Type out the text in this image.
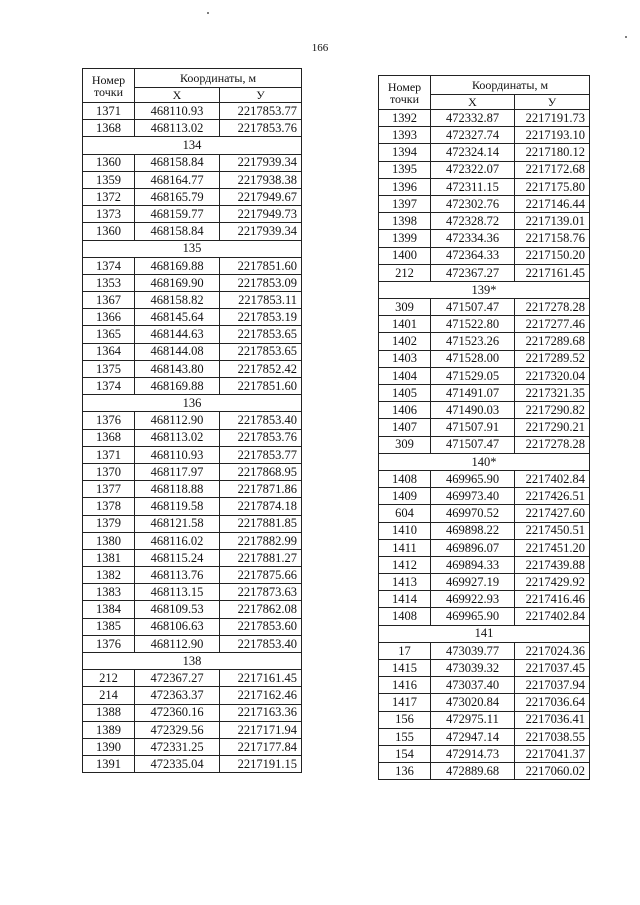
166
Номер
точки	Координаты, м	
	Х	У
1371	468110.93	2217853.77
1368	468113.02	2217853.76
134		
1360	468158.84	2217939.34
1359	468164.77	2217938.38
1372	468165.79	2217949.67
1373	468159.77	2217949.73
1360	468158.84	2217939.34
135		
1374	468169.88	2217851.60
1353	468169.90	2217853.09
1367	468158.82	2217853.11
1366	468145.64	2217853.19
1365	468144.63	2217853.65
1364	468144.08	2217853.65
1375	468143.80	2217852.42
1374	468169.88	2217851.60
136		
1376	468112.90	2217853.40
1368	468113.02	2217853.76
1371	468110.93	2217853.77
1370	468117.97	2217868.95
1377	468118.88	2217871.86
1378	468119.58	2217874.18
1379	468121.58	2217881.85
1380	468116.02	2217882.99
1381	468115.24	2217881.27
1382	468113.76	2217875.66
1383	468113.15	2217873.63
1384	468109.53	2217862.08
1385	468106.63	2217853.60
1376	468112.90	2217853.40
138		
212	472367.27	2217161.45
214	472363.37	2217162.46
1388	472360.16	2217163.36
1389	472329.56	2217171.94
1390	472331.25	2217177.84
1391	472335.04	2217191.15
Номер
точки	Координаты, м	
	Х	У
1392	472332.87	2217191.73
1393	472327.74	2217193.10
1394	472324.14	2217180.12
1395	472322.07	2217172.68
1396	472311.15	2217175.80
1397	472302.76	2217146.44
1398	472328.72	2217139.01
1399	472334.36	2217158.76
1400	472364.33	2217150.20
212	472367.27	2217161.45
139*		
309	471507.47	2217278.28
1401	471522.80	2217277.46
1402	471523.26	2217289.68
1403	471528.00	2217289.52
1404	471529.05	2217320.04
1405	471491.07	2217321.35
1406	471490.03	2217290.82
1407	471507.91	2217290.21
309	471507.47	2217278.28
140*		
1408	469965.90	2217402.84
1409	469973.40	2217426.51
604	469970.52	2217427.60
1410	469898.22	2217450.51
1411	469896.07	2217451.20
1412	469894.33	2217439.88
1413	469927.19	2217429.92
1414	469922.93	2217416.46
1408	469965.90	2217402.84
141		
17	473039.77	2217024.36
1415	473039.32	2217037.45
1416	473037.40	2217037.94
1417	473020.84	2217036.64
156	472975.11	2217036.41
155	472947.14	2217038.55
154	472914.73	2217041.37
136	472889.68	2217060.02
